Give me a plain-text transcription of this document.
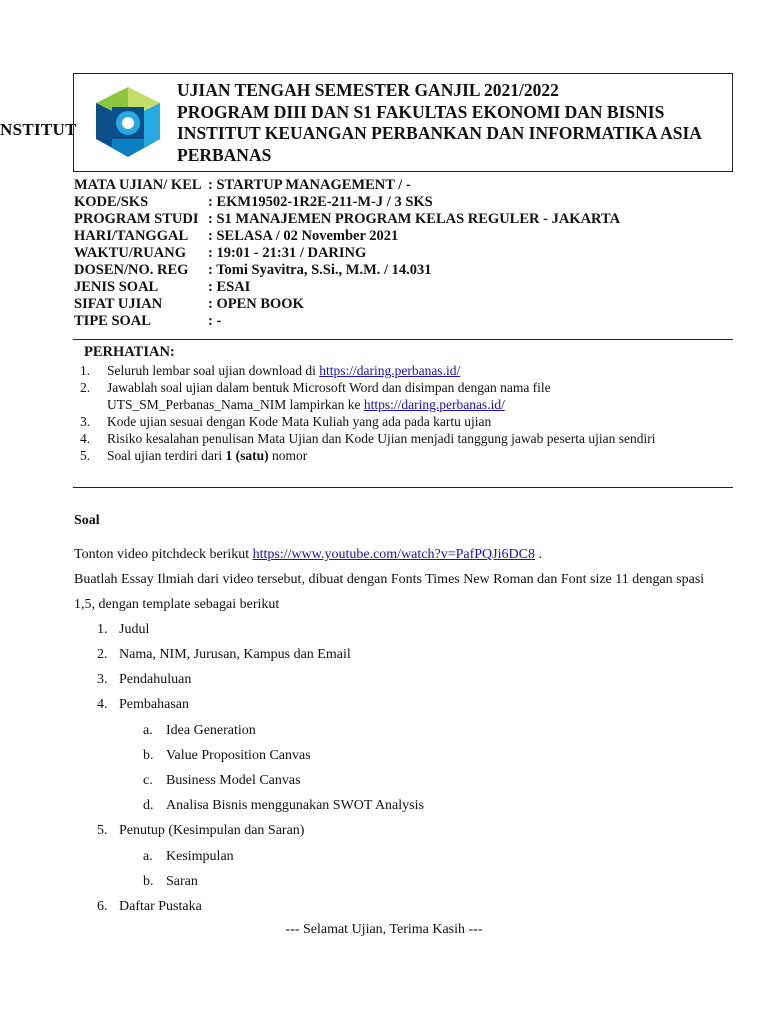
NSTITUT
UJIAN TENGAH SEMESTER GANJIL 2021/2022
PROGRAM DIII DAN S1 FAKULTAS EKONOMI DAN BISNIS
INSTITUT KEUANGAN PERBANKAN DAN INFORMATIKA ASIA
PERBANAS
MATA UJIAN/ KEL : STARTUP MANAGEMENT / -
KODE/SKS	: EKM19502-1R2E-211-M-J / 3 SKS
PROGRAM STUDI : S1 MANAJEMEN PROGRAM KELAS REGULER - JAKARTA
HARI/TANGGAL	: SELASA / 02 November 2021
WAKTU/RUANG	: 19:01 - 21:31 / DARING
DOSEN/NO. REG	: Tomi Syavitra, S.Si., M.M. / 14.031
JENIS SOAL	: ESAI
SIFAT UJIAN	: OPEN BOOK
TIPE SOAL	: -
PERHATIAN:
1.	Seluruh lembar soal ujian download di https://daring.perbanas.id/
2.	Jawablah soal ujian dalam bentuk Microsoft Word dan disimpan dengan nama file UTS_SM_Perbanas_Nama_NIM lampirkan ke https://daring.perbanas.id/
3.	Kode ujian sesuai dengan Kode Mata Kuliah yang ada pada kartu ujian
4.	Risiko kesalahan penulisan Mata Ujian dan Kode Ujian menjadi tanggung jawab peserta ujian sendiri
5.	Soal ujian terdiri dari 1 (satu) nomor
Soal
Tonton video pitchdeck berikut https://www.youtube.com/watch?v=PafPQJi6DC8 .
Buatlah Essay Ilmiah dari video tersebut, dibuat dengan Fonts Times New Roman dan Font size 11 dengan spasi 1,5, dengan template sebagai berikut
1. Judul
2. Nama, NIM, Jurusan, Kampus dan Email
3. Pendahuluan
4. Pembahasan
a. Idea Generation
b. Value Proposition Canvas
c. Business Model Canvas
d. Analisa Bisnis menggunakan SWOT Analysis
5. Penutup (Kesimpulan dan Saran)
a. Kesimpulan
b. Saran
6. Daftar Pustaka
--- Selamat Ujian, Terima Kasih ---
